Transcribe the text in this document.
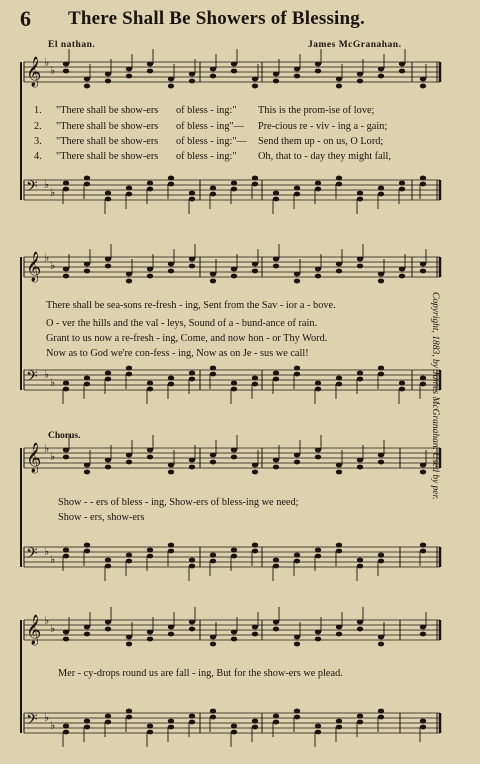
6 There Shall Be Showers of Blessing.
El nathan.	James McGranahan.
𝄞 ♭
♭
𝄢 ♭
♭
𝄞 ♭
♭
𝄢 ♭
♭
𝄞 ♭
♭
𝄢 ♭
♭
𝄞 ♭
♭
𝄢 ♭
♭
1. "There shall be show-ers of bless - ing:" This is the prom-ise of love;
2. "There shall be show-ers of bless - ing"— Pre-cious re - viv - ing a - gain;
3. "There shall be show-ers of bless - ing:"— Send them up - on us, O Lord;
4. "There shall be show-ers of bless - ing:" Oh, that to - day they might fall,
There shall be sea-sons re-fresh - ing, Sent from the Sav - ior a - bove.
O - ver the hills and the val - leys, Sound of a - bund-ance of rain.
Grant to us now a re-fresh - ing, Come, and now hon - or Thy Word.
Now as to God we're con-fess - ing, Now as on Je - sus we call!
Chorus.
Show - - ers of bless - ing, Show-ers of bless-ing we need;
Show - ers, show-ers
Mer - cy-drops round us are fall - ing, But for the show-ers we plead.
Copyright, 1883, by James McGranahan. Used by per.
